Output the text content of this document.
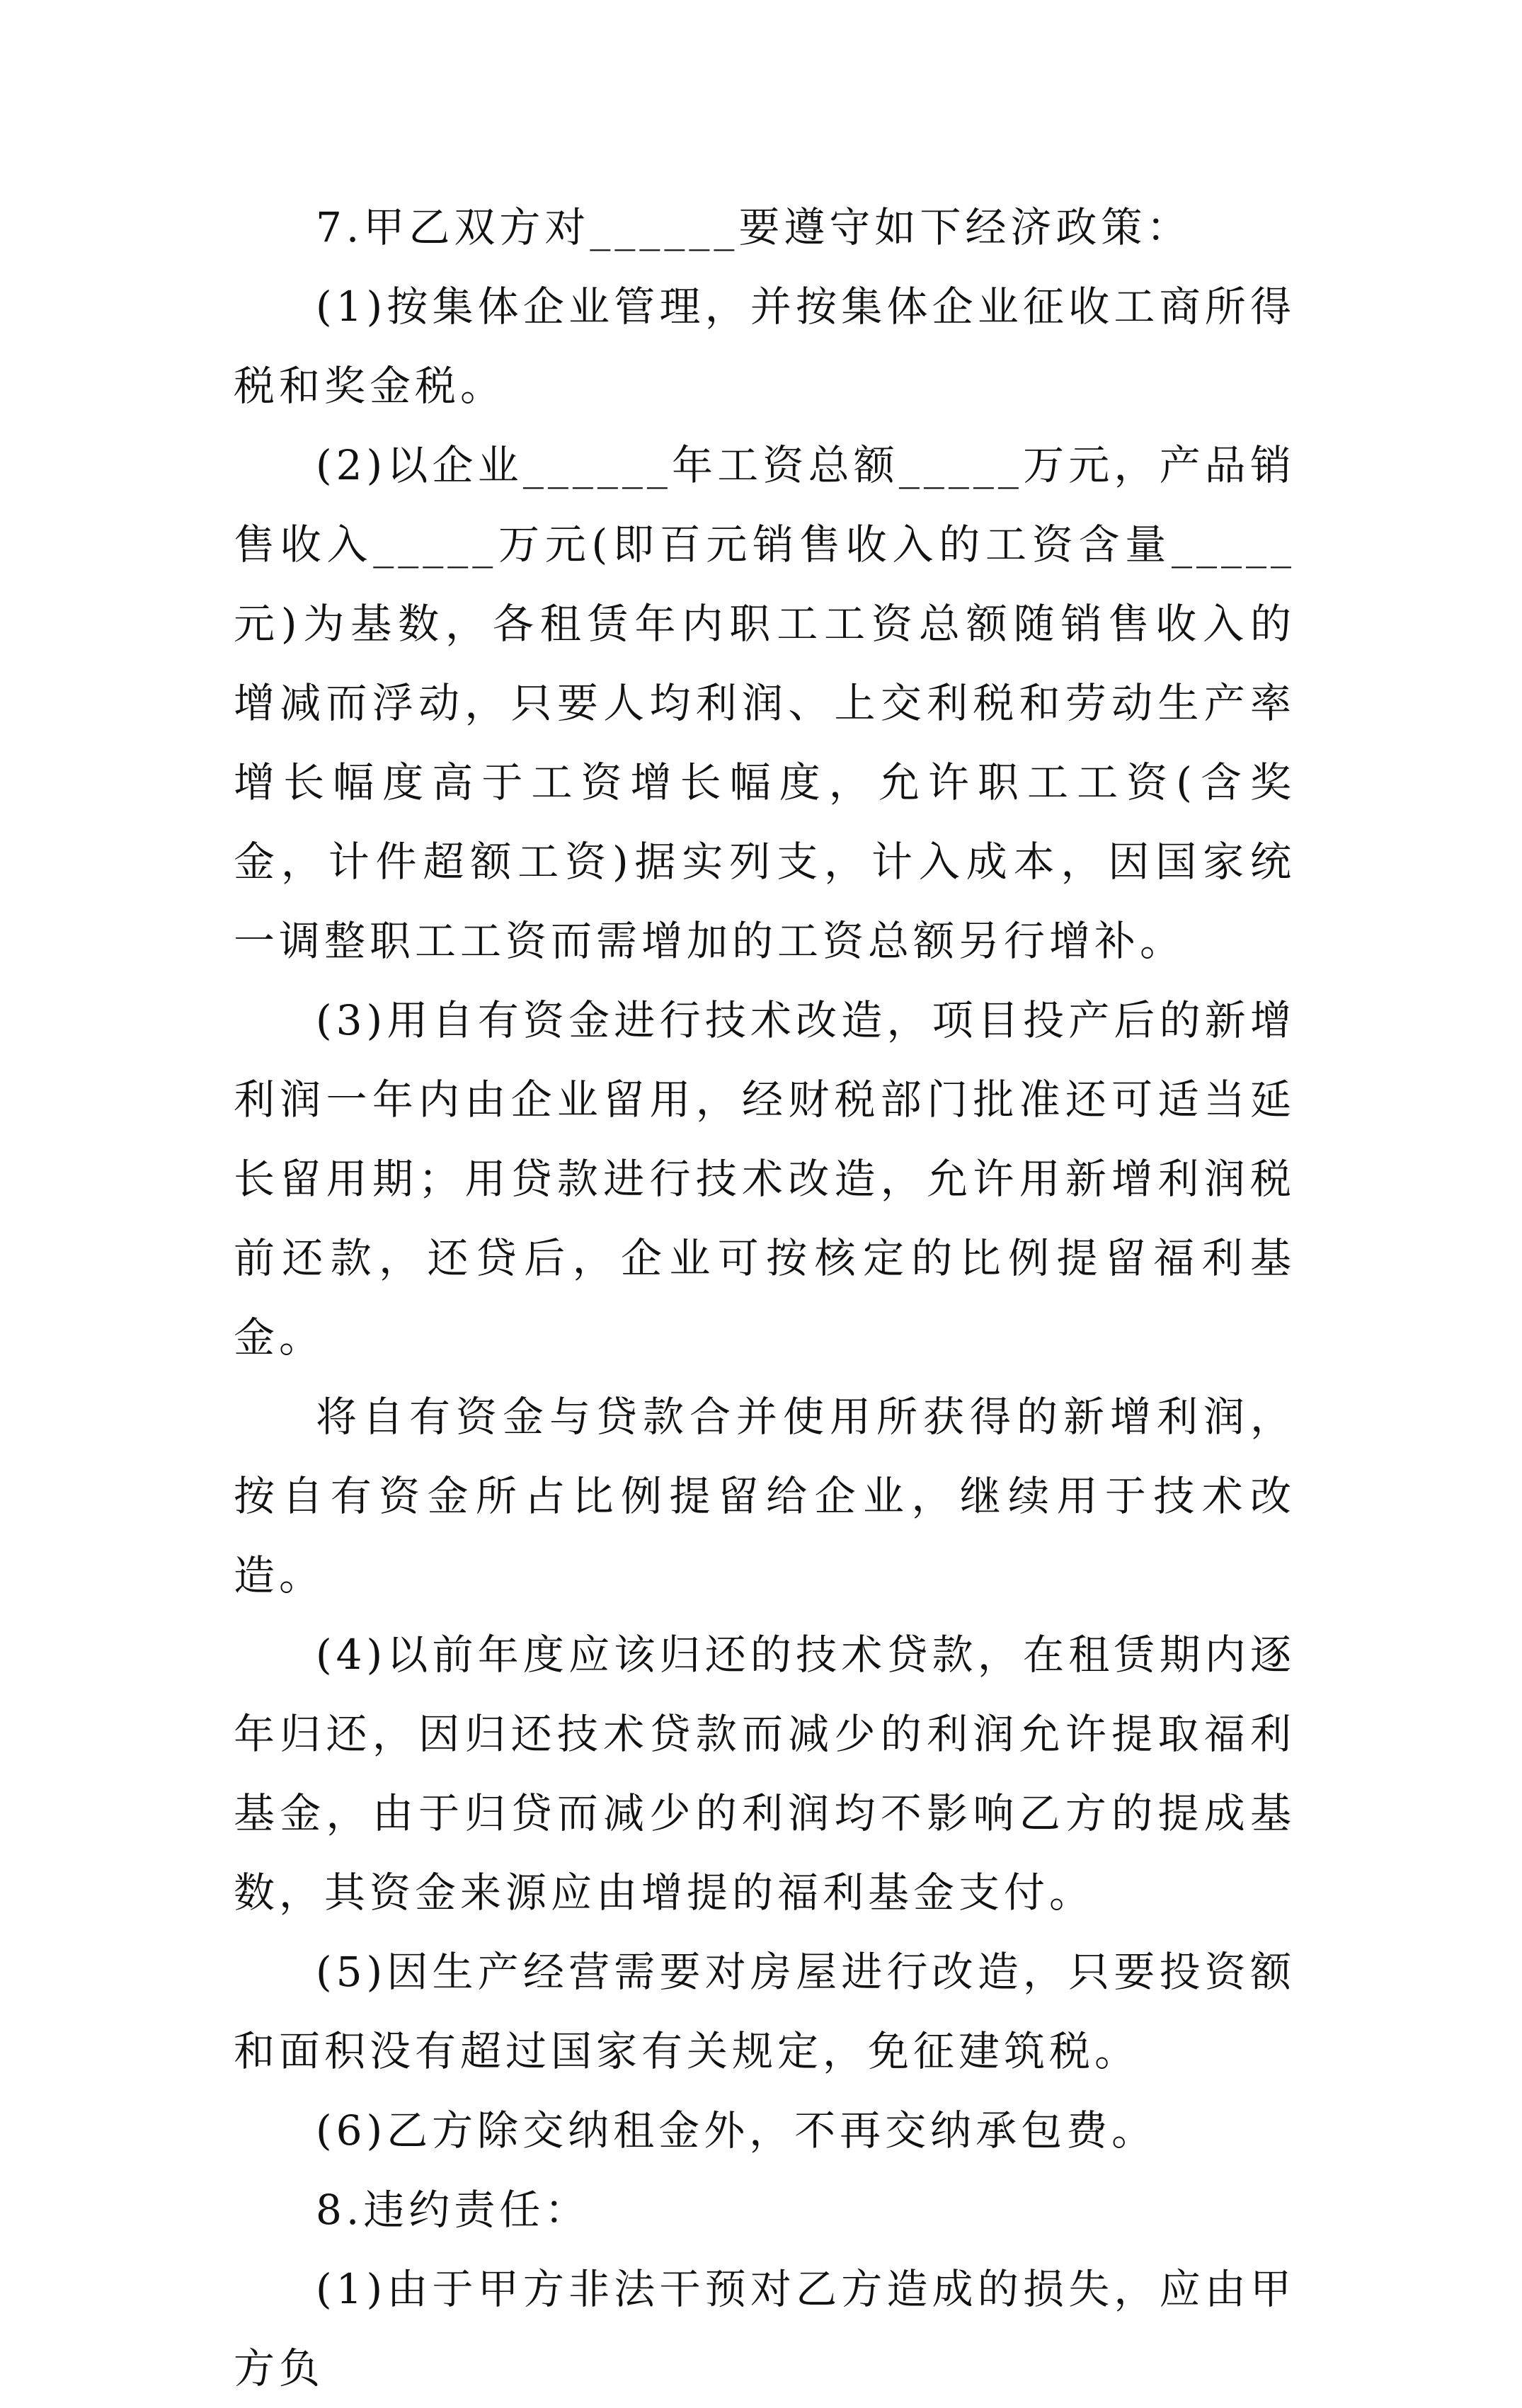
7.甲乙双方对______要遵守如下经济政策：

(1)按集体企业管理，并按集体企业征收工商所得税和奖金税。

(2)以企业______年工资总额_____万元，产品销售收入_____万元(即百元销售收入的工资含量_____元)为基数，各租赁年内职工工资总额随销售收入的增减而浮动，只要人均利润、上交利税和劳动生产率增长幅度高于工资增长幅度，允许职工工资(含奖金，计件超额工资)据实列支，计入成本，因国家统一调整职工工资而需增加的工资总额另行增补。

(3)用自有资金进行技术改造，项目投产后的新增利润一年内由企业留用，经财税部门批准还可适当延长留用期；用贷款进行技术改造，允许用新增利润税前还款，还贷后，企业可按核定的比例提留福利基金。

将自有资金与贷款合并使用所获得的新增利润，按自有资金所占比例提留给企业，继续用于技术改造。

(4)以前年度应该归还的技术贷款，在租赁期内逐年归还，因归还技术贷款而减少的利润允许提取福利基金，由于归贷而减少的利润均不影响乙方的提成基数，其资金来源应由增提的福利基金支付。

(5)因生产经营需要对房屋进行改造，只要投资额和面积没有超过国家有关规定，免征建筑税。

(6)乙方除交纳租金外，不再交纳承包费。

8.违约责任：

(1)由于甲方非法干预对乙方造成的损失，应由甲方负
